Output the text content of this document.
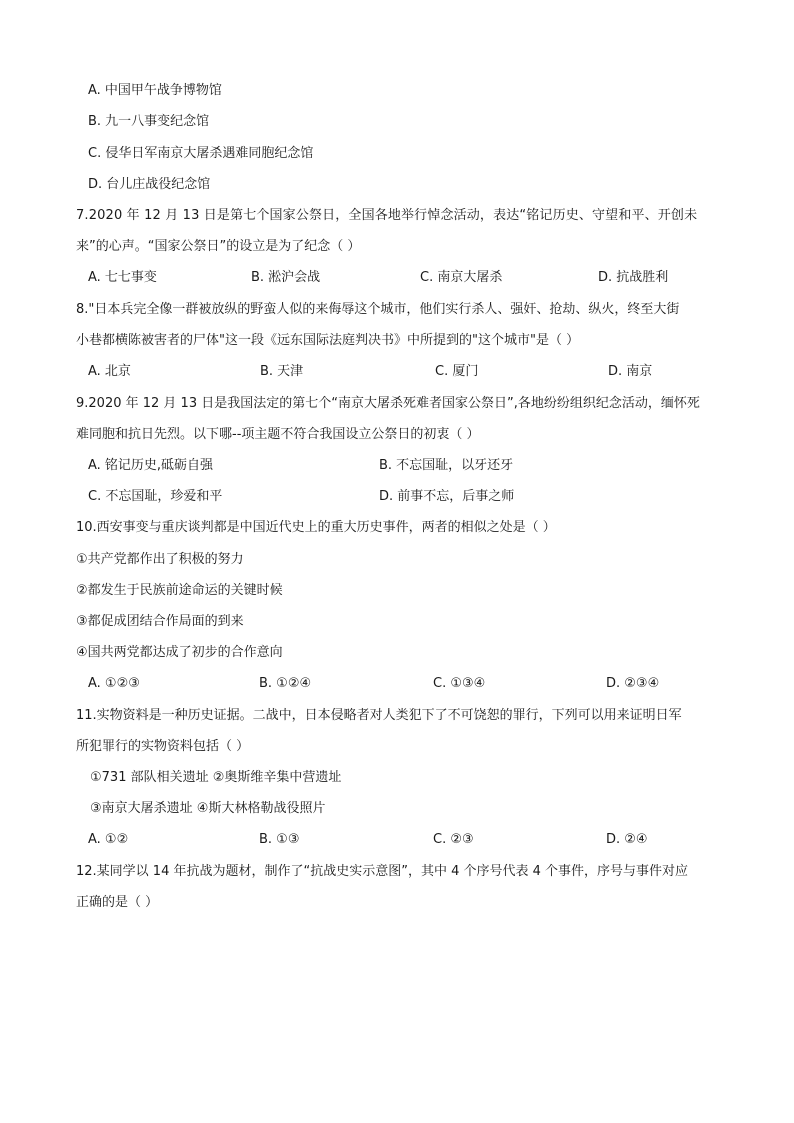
A. 中国甲午战争博物馆
B. 九一八事变纪念馆
C. 侵华日军南京大屠杀遇难同胞纪念馆
D. 台儿庄战役纪念馆
7.2020 年 12 月 13 日是第七个国家公祭日，全国各地举行悼念活动，表达“铭记历史、守望和平、开创未
来”的心声。“国家公祭日”的设立是为了纪念（ ）
A. 七七事变	B. 淞沪会战	C. 南京大屠杀	D. 抗战胜利
8."日本兵完全像一群被放纵的野蛮人似的来侮辱这个城市，他们实行杀人、强奸、抢劫、纵火，终至大街
小巷都横陈被害者的尸体"这一段《远东国际法庭判决书》中所提到的"这个城市"是（ ）
A. 北京	B. 天津	C. 厦门	D. 南京
9.2020 年 12 月 13 日是我国法定的第七个“南京大屠杀死难者国家公祭日”,各地纷纷组织纪念活动，缅怀死
难同胞和抗日先烈。以下哪--项主题不符合我国设立公祭日的初衷（ ）
A. 铭记历史,砥砺自强	B. 不忘国耻，以牙还牙
C. 不忘国耻，珍爱和平	D. 前事不忘，后事之师
10.西安事变与重庆谈判都是中国近代史上的重大历史事件，两者的相似之处是（ ）
①共产党都作出了积极的努力
②都发生于民族前途命运的关键时候
③都促成团结合作局面的到来
④国共两党都达成了初步的合作意向
A. ①②③	B. ①②④	C. ①③④	D. ②③④
11.实物资料是一种历史证据。二战中，日本侵略者对人类犯下了不可饶恕的罪行，下列可以用来证明日军
所犯罪行的实物资料包括（ ）
①731 部队相关遗址 ②奥斯维辛集中营遗址
③南京大屠杀遗址 ④斯大林格勒战役照片
A. ①②	B. ①③	C. ②③	D. ②④
12.某同学以 14 年抗战为题材，制作了“抗战史实示意图”，其中 4 个序号代表 4 个事件，序号与事件对应
正确的是（ ）
